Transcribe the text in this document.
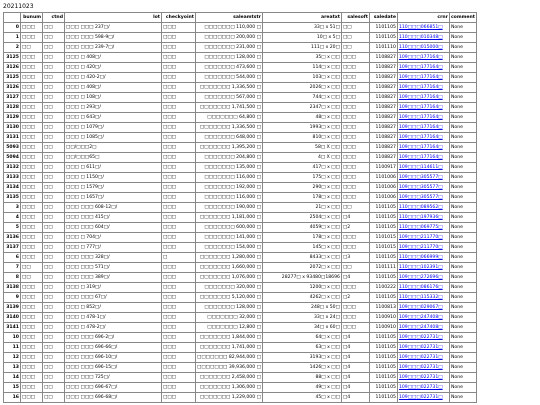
20211023
	bunum	ctnd	lot	checkyoint	saleamtstr	areatxt	salesoft	saledate	crnr	comment
0	□□□	□□	□□□ □□□ 237□/	□□□	□□□□□□□ 110,000 □	33□ x 51□	□□	1101105	110□□□066851□	None
1	□□□	□□	□□□ □□□ 598-9□/	□□□	□□□□□□□ 200,000 □	10□ x 5□	□□	1101105	110□□□010348□	None
2	□□	□□	□□□ □□□ 239-7□/	□□□	□□□□□□□ 231,000 □	111□ x 20□	□□	1101110	110□□□015000□	None
3125	□□□	□□	□□□ □ 408□/	□□□	□□□□□□□ 128,000 □	35□ x □□	□□□	1108827	109□□□177164□	None
3126	□□□	□□	□□□ □ 420□/	□□□	□□□□□□□ 473,600 □	114□ x □□	□□□	1108827	109□□□177164□	None
3125	□□□	□□	□□□ □ 420-2□/	□□□	□□□□□□□ 544,000 □	103□ x □□	□□□	1108827	109□□□177164□	None
3126	□□□	□□	□□□ □ 408□/	□□□	□□□□□□□ 1,336,500 □	2026□ x □□	□□□	1108827	109□□□177164□	None
3127	□□□	□□	□□□ □ 108□/	□□□	□□□□□□□ 567,000 □	744□ x □□	□□□	1108827	109□□□177164□	None
3128	□□□	□□	□□□ □ 293□/	□□□	□□□□□□□ 1,741,500 □	2347□ x □□	□□□	1108827	109□□□177164□	None
3129	□□□	□□	□□□ □ 643□/	□□□	□□□□□□□ 64,800 □	48□ x □□	□□□	1108827	109□□□177164□	None
3130	□□□	□□	□□□ □ 1079□/	□□□	□□□□□□□ 1,336,500 □	1993□ x □□	□□□	1108827	109□□□177164□	None
3131	□□□	□□	□□□ □ 1085□/	□□□	□□□□□□□ 648,000 □	810□ x □□	□□□	1108827	109□□□177164□	None
5093	□□□	□□	□□/□□□2□	□□□	□□□□□□□ 1,395,200 □	58□ X □□	□□□	1108827	109□□□177164□	None
5094	□□□	□□	□□/□□□65□	□□□	□□□□□□□ 204,800 □	4□ X □□	□□□	1108827	109□□□177164□	None
3132	□□□	□□	□□□ □ 611□/	□□□	□□□□□□□ 135,000 □	417□ x □□	□□□	1100917	109□□□114611□	None
3133	□□□	□□	□□□ □ 1150□/	□□□	□□□□□□□ 116,000 □	175□ x □□	□□□	1101006	109□□□305577□	None
3134	□□□	□□	□□□ □ 1579□/	□□□	□□□□□□□ 192,000 □	290□ x □□	□□□	1101006	109□□□305577□	None
3135	□□□	□□	□□□ □ 1657□/	□□□	□□□□□□□ 116,000 □	178□ x □□	□□□	1101006	109□□□305577□	None
3	□□□	□□	□□□ □□□ 608-12□/	□□□	□□□□□□□ 190,000 □	21□ x □□	□□	1101105	110□□□089562□	None
4	□□□	□□	□□□ □□□ 415□/	□□□	□□□□□□□ 1,181,000 □	2504□ x □□	□4	1101105	110□□□197936□	None
5	□□□	□□	□□□ □□□ 604□/	□□□	□□□□□□□ 600,000 □	4059□ x □□	□2	1101105	110□□□069775□	None
3136	□□□	□□	□□□ □ 704□/	□□□	□□□□□□□ 141,000 □	178□ x □□	□□□	1101015	109□□□211770□	None
3137	□□□	□□	□□□ □ 777□/	□□□	□□□□□□□ 154,000 □	145□ x □□	□□□	1101015	109□□□211770□	None
6	□□□	□□	□□□ □□□ 328□/	□	□□□□□□□ 1,280,000 □	8433□ x □□	□3	1101105	110□□□066999□	None
7	□□	□□	□□□ □□□ 571□/	□□□	□□□□□□□ 1,660,000 □	2072□ x □□	□□	1101111	110□□□102391□	None
8	□□	□□	□□□ □□□ 389□/	□□□	□□□□□□□ 1,076,000 □	28277□ x 93480□18696	□4	1101105	109□□□272696□	None
3138	□□□	□□	□□□ □ 319□/	□□□	□□□□□□□ 320,000 □	1200□ x □□	□□□	1100222	110□□□086176□	None
9	□□□	□□	□□□ □□□ 67□/	□□□	□□□□□□□ 5,120,000 □	4262□ x □□	□2	1101105	110□□□115332□	None
3139	□□□	□□	□□□ □ 852□/	□□□	□□□□□□□ 128,000 □	248□ x 50□	□□□	1100813	109□□□029067□	None
3140	□□□	□□	□□□ □ 478-1□/	□□□	□□□□□□□ 32,000 □	33□ x 24□	□□□	1100910	109□□□247408□	None
3141	□□□	□□	□□□ □ 478-2□/	□□□	□□□□□□□ 12,800 □	34□ x 60□	□□□	1100910	109□□□247408□	None
10	□□□	□□	□□□ □□□ 696-2□/	□□□	□□□□□□□ 1,844,000 □	64□ x □□	□4	1101105	109□□□022731□	None
11	□□□	□□	□□□ □□□ 696-66□/	□□□	□□□□□□□ 1,741,000 □	63□ x □□	□4	1101105	109□□□022731□	None
12	□□□	□□	□□□ □□□ 696-10□/	□□□	□□□□□□□ 82,944,000 □	3193□ x □□	□4	1101105	109□□□022731□	None
13	□□□	□□	□□□ □□□ 696-15□/	□□□	□□□□□□□ 39,936,000 □	1426□ x □□	□4	1101105	109□□□022731□	None
14	□□□	□□	□□□ □□□ 725□/	□□□	□□□□□□□ 2,458,000 □	88□ x □□	□4	1101105	109□□□022731□	None
15	□□□	□□	□□□ □□□ 696-67□/	□□□	□□□□□□□ 1,306,000 □	49□ x □□	□4	1101105	109□□□022731□	None
16	□□□	□□	□□□ □□□ 696-68□/	□□□	□□□□□□□ 1,229,000 □	45□ x □□	□4	1101105	109□□□022731□	None
